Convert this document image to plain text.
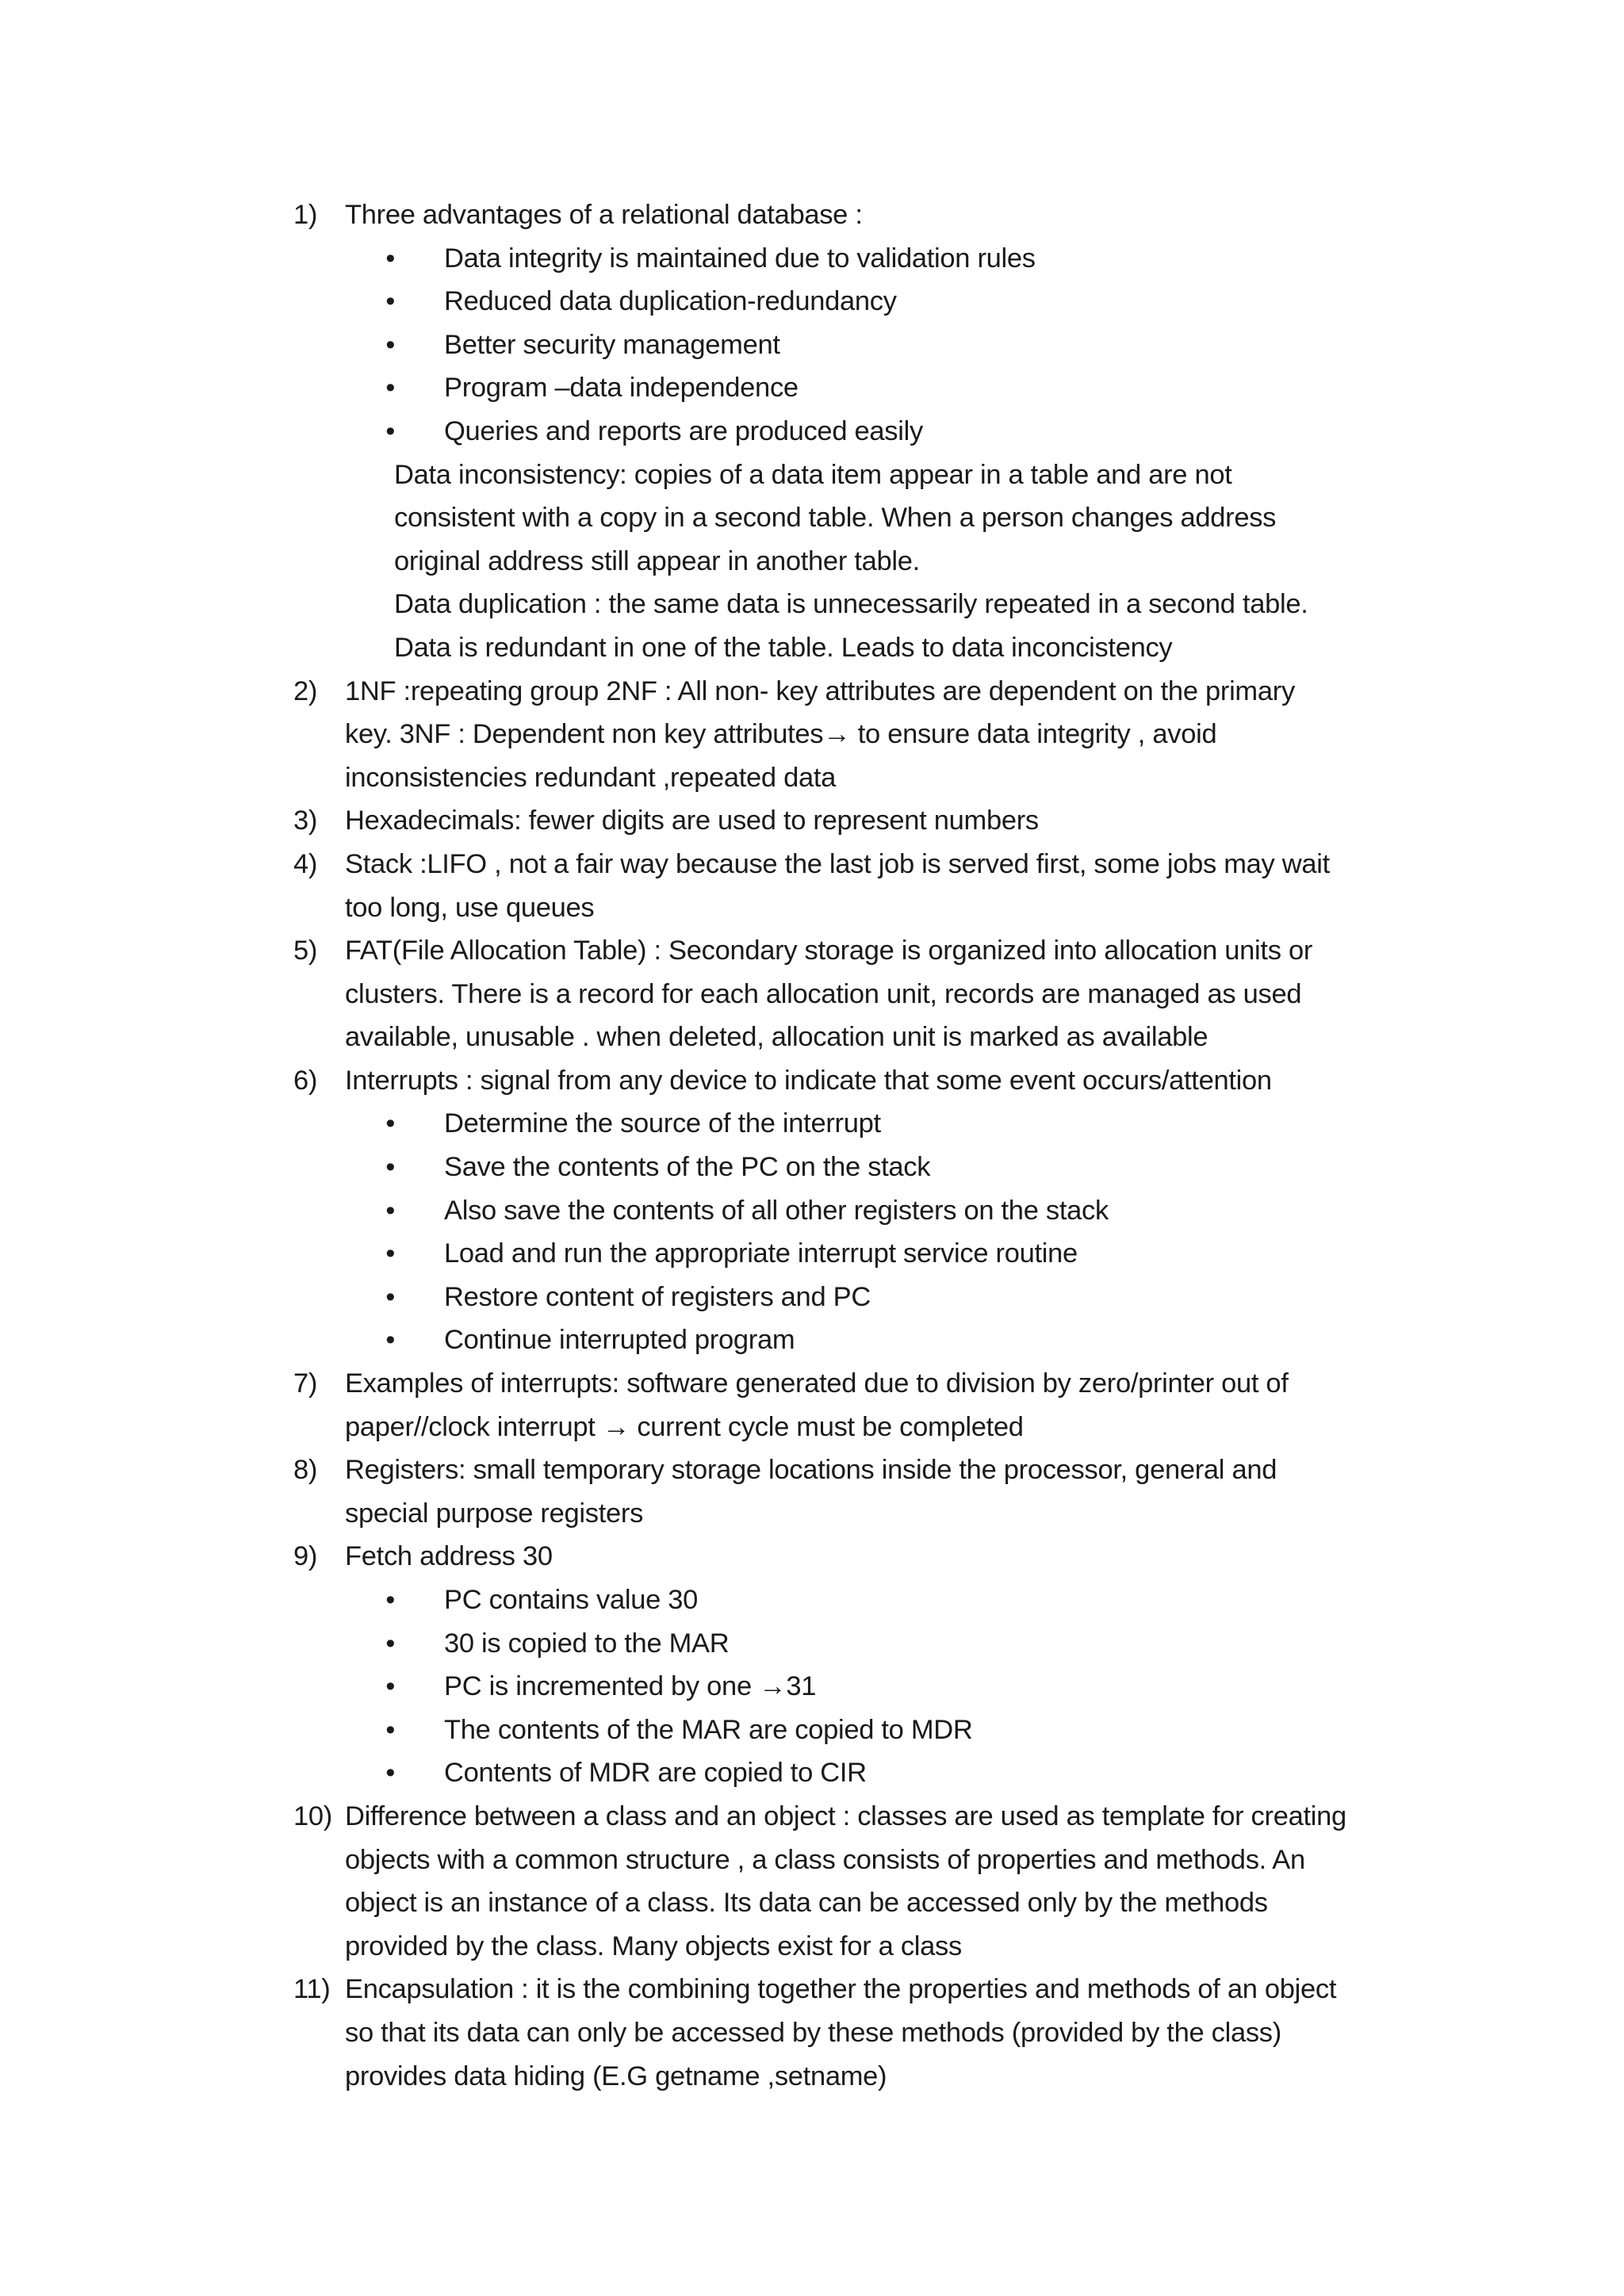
1)	Three advantages of a relational database :
•
Data integrity is maintained due to validation rules
•
Reduced data duplication-redundancy
•
Better security management
•
Program –data independence
•
Queries and reports are produced easily
Data inconsistency: copies of a data item appear in a table and are not
consistent with a copy in a second table. When a person changes address
original address still appear in another table.
Data duplication : the same data is unnecessarily repeated in a second table.
Data is redundant in one of the table. Leads to data inconcistency
2)	1NF :repeating group 2NF : All non- key attributes are dependent on the primary
key. 3NF : Dependent non key attributes→ to ensure data integrity , avoid
inconsistencies redundant ,repeated data
3)	Hexadecimals: fewer digits are used to represent numbers
4)	Stack :LIFO , not a fair way because the last job is served first, some jobs may wait
too long, use queues
5)	FAT(File Allocation Table) : Secondary storage is organized into allocation units or
clusters. There is a record for each allocation unit, records are managed as used
available, unusable . when deleted, allocation unit is marked as available
6)	Interrupts : signal from any device to indicate that some event occurs/attention
•
Determine the source of the interrupt
•
Save the contents of the PC on the stack
•
Also save the contents of all other registers on the stack
•
Load and run the appropriate interrupt service routine
•
Restore content of registers and PC
•
Continue interrupted program
7)	Examples of interrupts: software generated due to division by zero/printer out of
paper//clock interrupt → current cycle must be completed
8)	Registers: small temporary storage locations inside the processor, general and
special purpose registers
9)	Fetch address 30
•
PC contains value 30
•
30 is copied to the MAR
•
PC is incremented by one →31
•
The contents of the MAR are copied to MDR
•
Contents of MDR are copied to CIR
10) Difference between a class and an object : classes are used as template for creating
objects with a common structure , a class consists of properties and methods. An
object is an instance of a class. Its data can be accessed only by the methods
provided by the class. Many objects exist for a class
11) Encapsulation : it is the combining together the properties and methods of an object
so that its data can only be accessed by these methods (provided by the class)
provides data hiding (E.G getname ,setname)
